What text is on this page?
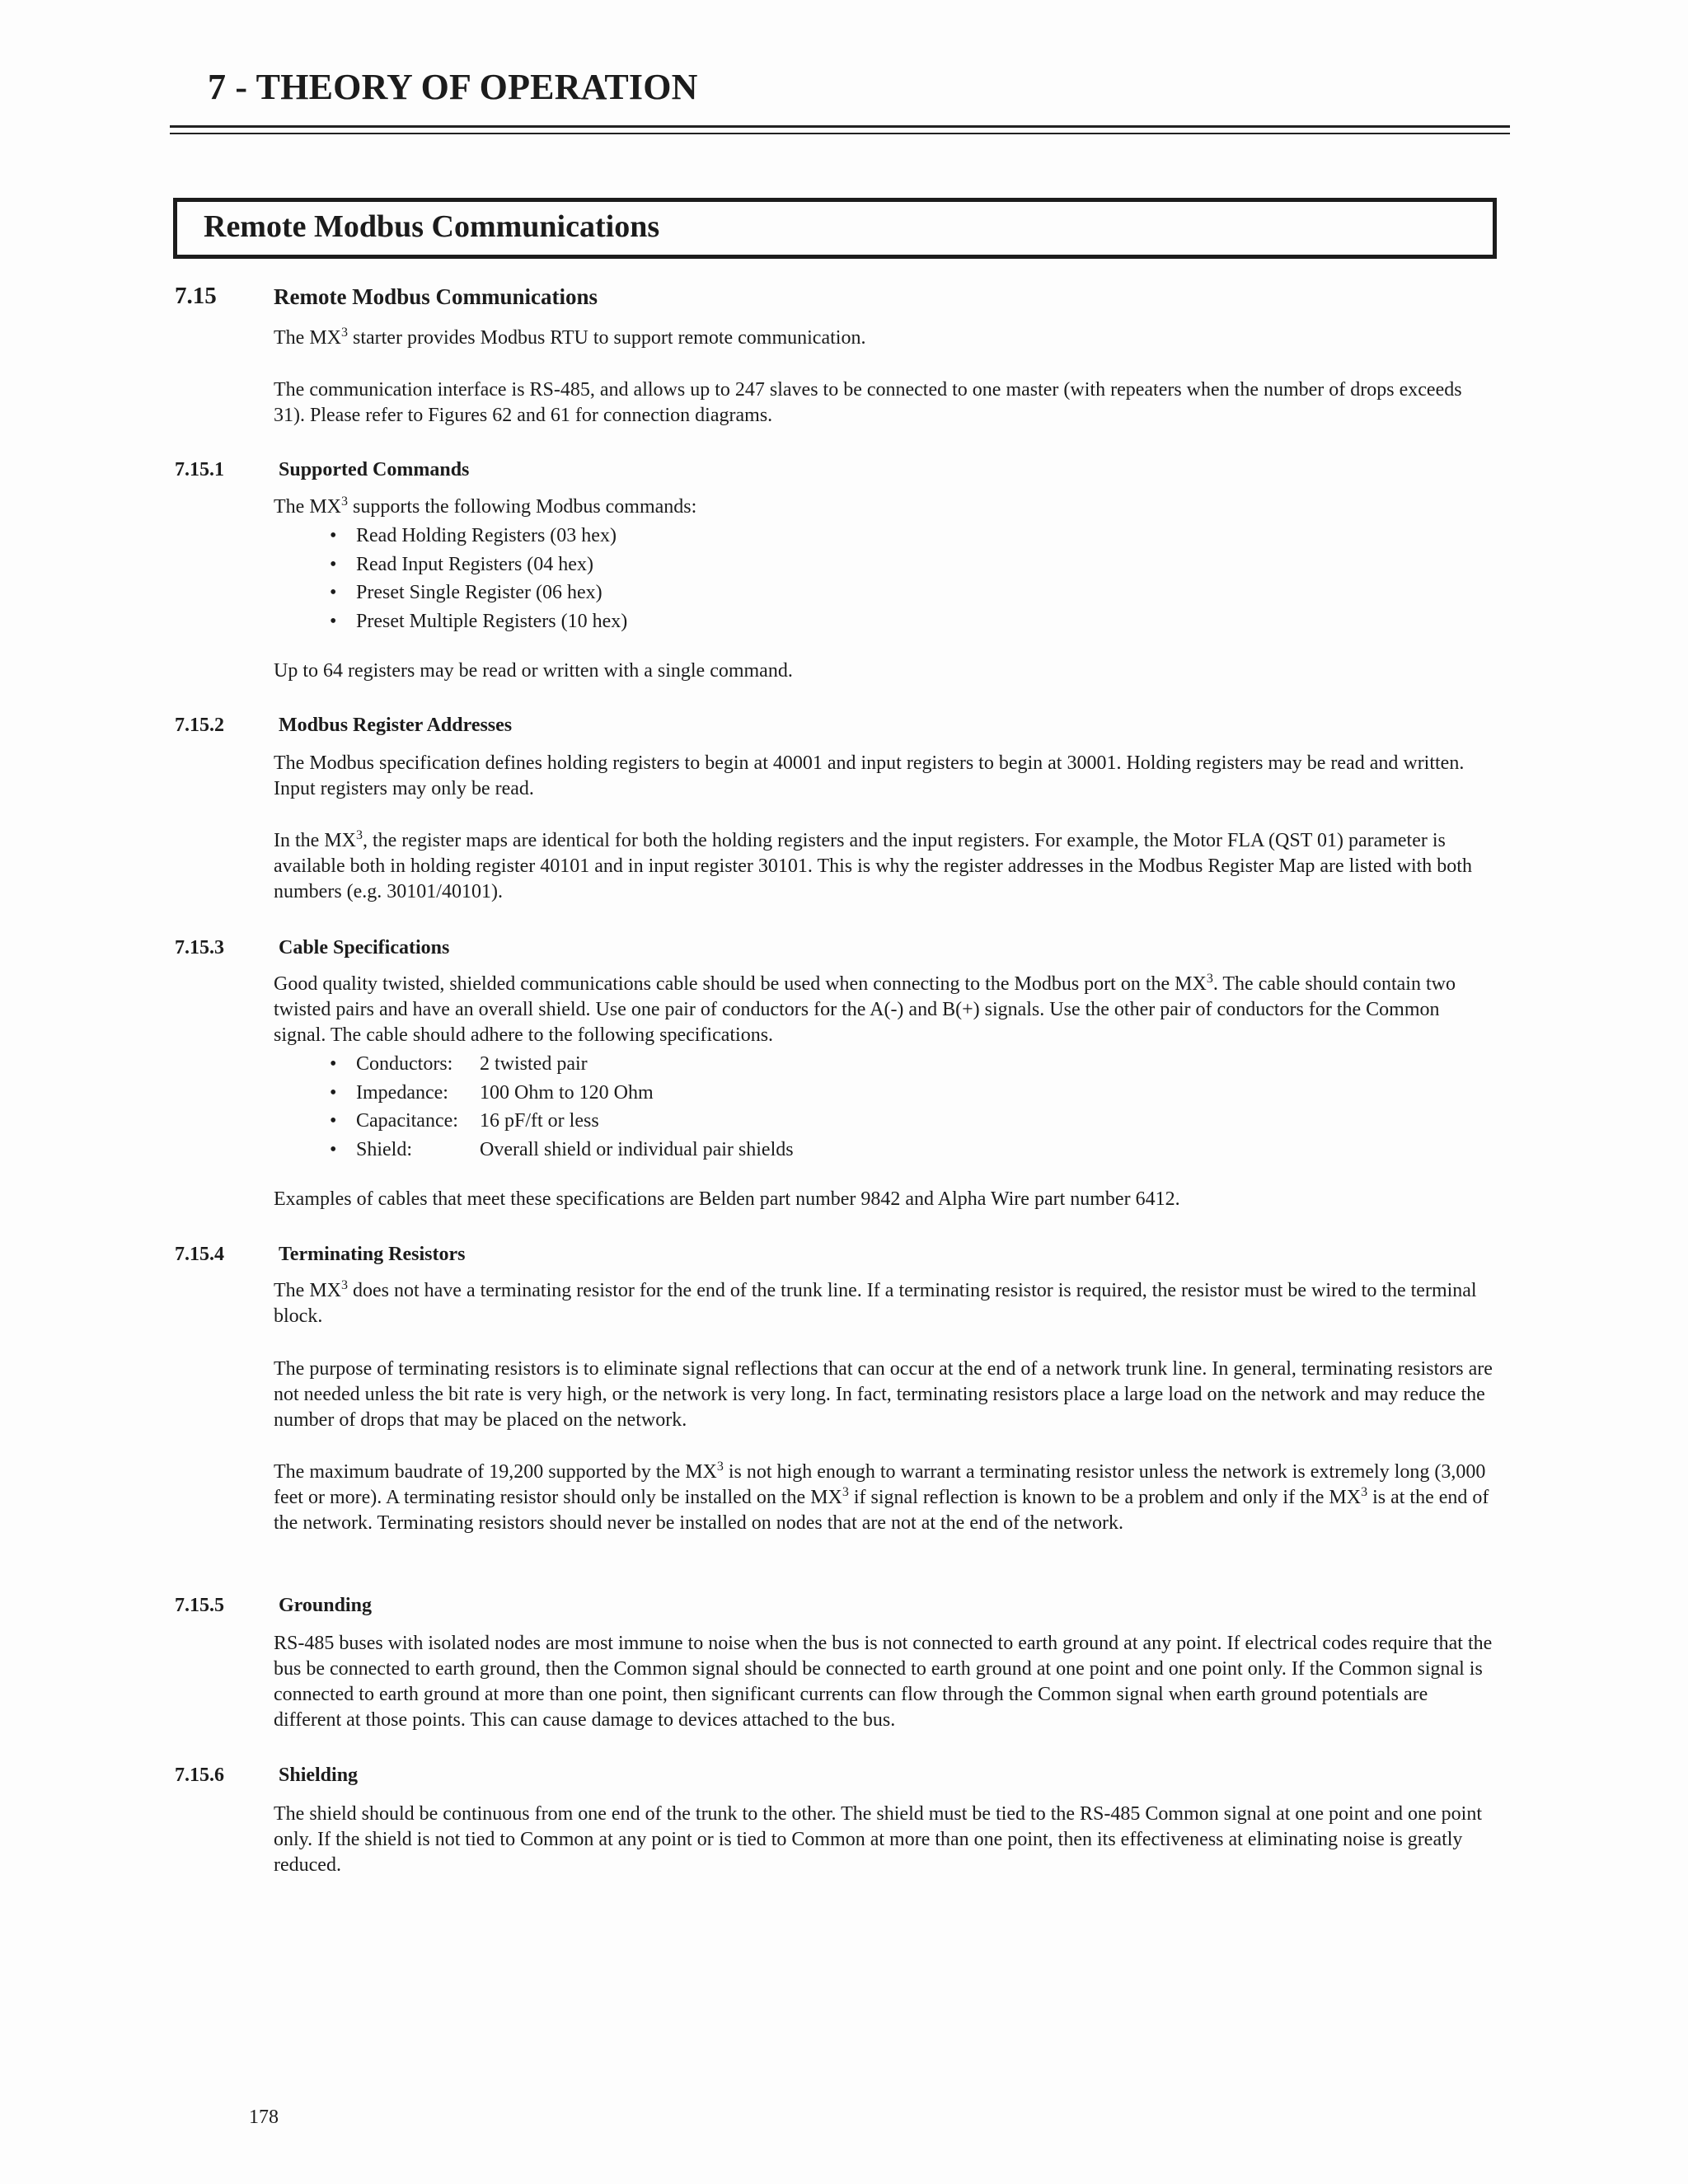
7 - THEORY OF OPERATION
Remote Modbus Communications
7.15	Remote Modbus Communications

The $MX^3$ starter provides Modbus RTU to support remote communication.

The communication interface is RS-485, and allows up to 247 slaves to be connected to one master (with repeaters when the number of drops exceeds 31). Please refer to Figures 62 and 61 for connection diagrams.

7.15.1	Supported Commands

The $MX^3$ supports the following Modbus commands:

• Read Holding Registers (03 hex)
• Read Input Registers (04 hex)
• Preset Single Register (06 hex)
• Preset Multiple Registers (10 hex)

Up to 64 registers may be read or written with a single command.

7.15.2	Modbus Register Addresses

The Modbus specification defines holding registers to begin at 40001 and input registers to begin at 30001. Holding registers may be read and written. Input registers may only be read.

In the $MX^3$, the register maps are identical for both the holding registers and the input registers. For example, the Motor FLA (QST 01) parameter is available both in holding register 40101 and in input register 30101. This is why the register addresses in the Modbus Register Map are listed with both numbers (e.g. 30101/40101).

7.15.3	Cable Specifications

Good quality twisted, shielded communications cable should be used when connecting to the Modbus port on the $MX^3$. The cable should contain two twisted pairs and have an overall shield. Use one pair of conductors for the A(-) and B(+) signals. Use the other pair of conductors for the Common signal. The cable should adhere to the following specifications.

• Conductors: 2 twisted pair
• Impedance: 100 Ohm to 120 Ohm
• Capacitance: 16 pF/ft or less
• Shield:	Overall shield or individual pair shields

Examples of cables that meet these specifications are Belden part number 9842 and Alpha Wire part number 6412.

7.15.4	Terminating Resistors

The $MX^3$ does not have a terminating resistor for the end of the trunk line. If a terminating resistor is required, the resistor must be wired to the terminal block.

The purpose of terminating resistors is to eliminate signal reflections that can occur at the end of a network trunk line. In general, terminating resistors are not needed unless the bit rate is very high, or the network is very long. In fact, terminating resistors place a large load on the network and may reduce the number of drops that may be placed on the network.

The maximum baudrate of 19,200 supported by the $MX^3$ is not high enough to warrant a terminating resistor unless the network is extremely long (3,000 feet or more). A terminating resistor should only be installed on the $MX^3$ if signal reflection is known to be a problem and only if the $MX^3$ is at the end of the network. Terminating resistors should never be installed on nodes that are not at the end of the network.

7.15.5	Grounding

RS-485 buses with isolated nodes are most immune to noise when the bus is not connected to earth ground at any point. If electrical codes require that the bus be connected to earth ground, then the Common signal should be connected to earth ground at one point and one point only. If the Common signal is connected to earth ground at more than one point, then significant currents can flow through the Common signal when earth ground potentials are different at those points. This can cause damage to devices attached to the bus.

7.15.6	Shielding

The shield should be continuous from one end of the trunk to the other. The shield must be tied to the RS-485 Common signal at one point and one point only. If the shield is not tied to Common at any point or is tied to Common at more than one point, then its effectiveness at eliminating noise is greatly reduced.

178
